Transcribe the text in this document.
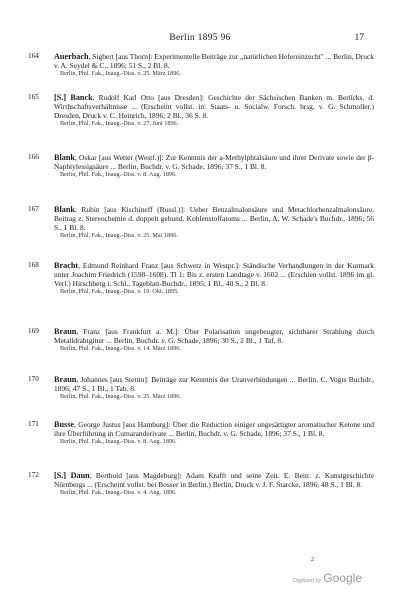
Berlin 1895 96	17
164	Auerbach, Sigbert [aus Thorn]: Experimentelle Beiträge zur „natürlichen Hefereinzucht" ... Berlin, Druck v. A. Seydel & C., 1896; 51 S., 2 Bl. 8.
Berlin, Phil. Fak., Inaug.-Diss. v. 25. März 1896.
165	[S.] Banck, Rudolf Karl Otto [aus Dresden]: Geschichte der Sächsischen Banken m. Berücks. d. Wirthschaftsverhältnisse ... (Erscheint vollst. in: Staats- u. Socialw. Forsch. hrsg. v. G. Schmoller.) Dresden, Druck v. C. Heinrich, 1896; 2 Bl., 36 S. 8.
Berlin, Phil. Fak., Inaug.-Diss. v. 27. Juni 1896.
166	Blank, Oskar [aus Wetter (Westf.)]: Zur Kenntnis der a-Methylphtalsäure und ihrer Derivate sowie der β-Naphtylessigsäure ... Berlin, Buchdr. v. G. Schade, 1896; 37 S., 1 Bl. 8.
Berlin, Phil. Fak., Inaug.-Diss. v. 8. Aug. 1896.
167	Blank, Rubin [aus Kischineff (Russl.)]: Ueber Benzalmalonsäure und Metachlorbenzalmalonsäure. Beitrag z. Stereochemie d. doppelt gebund. Kohlenstoffatoms ... Berlin, A. W. Schade's Buchdr., 1896; 56 S., 1 Bl. 8.
Berlin, Phil. Fak., Inaug.-Diss. v. 25. Mai 1896.
168	Bracht, Edmund Reinhard Franz [aus Schwetz in Westpr.]: Ständische Verhandlungen in der Kurmark unter Joachim Friedrich (1598–1608). Tl 1: Bis z. ersten Landtage v. 1602 ... (Erschien vollst. 1896 im gl. Verl.) Hirschberg i. Schl., Tageblatt-Buchdr., 1895; 1 Bl., 40 S., 2 Bl. 8.
Berlin, Phil. Fak., Inaug.-Diss. v. 10. Okt. 1895.
169	Braun, Franz [aus Frankfurt a. M.]: Über Polarisation ungebeugter, sichtbarer Strahlung durch Metalldrahtgitter ... Berlin, Buchdr. v. G. Schade, 1896; 30 S., 2 Bl., 1 Taf. 8.
Berlin, Phil. Fak., Inaug.-Diss. v. 14. März 1896.
170	Braun, Johannes [aus Stettin]: Beiträge zur Kenntnis der Uranverbindungen ... Berlin, C. Vogts Buchdr., 1896; 47 S., 1 Bl., 1 Tab. 8.
Berlin, Phil. Fak., Inaug.-Diss. v. 25. März 1896.
171	Busse, George Justus [aus Hamburg]: Über die Reduction einiger ungesättigter aromatischer Ketone und ihre Überführung in Cumaranderivate ... Berlin, Buchdr. v. G. Schade, 1896; 37 S., 1 Bl. 8.
Berlin, Phil. Fak., Inaug.-Diss. v. 8. Aug. 1896.
172	[S.] Daun, Berthold [aus Magdeburg]: Adam Krafft und seine Zeit. E. Beitr. z. Kunstgeschichte Nürnbergs ... (Erscheint vollst. bei Bosser in Berlin.) Berlin, Druck v. J. F. Starcke, 1896; 48 S., 1 Bl. 8.
Berlin, Phil. Fak., Inaug.-Diss. v. 4. Aug. 1896.
2
Digitized by Google
